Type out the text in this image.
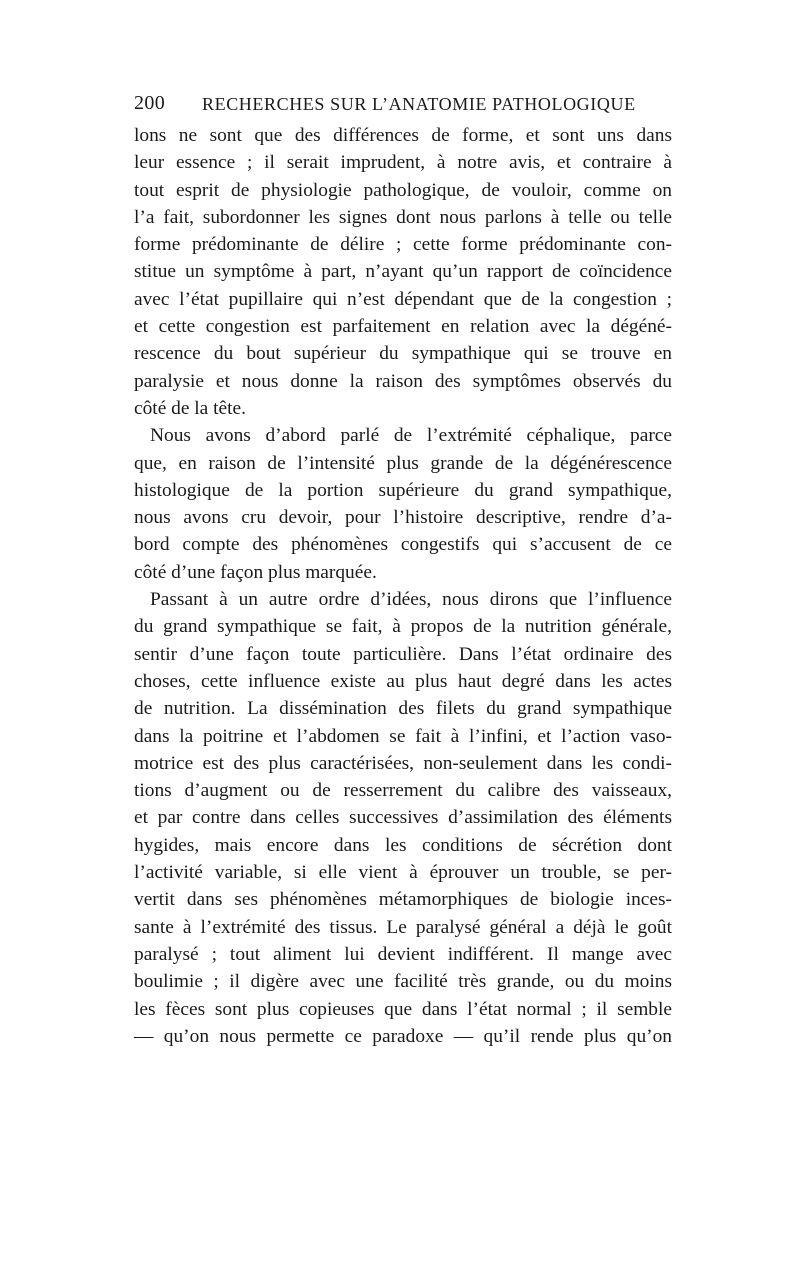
200 RECHERCHES SUR L’ANATOMIE PATHOLOGIQUE

lons ne sont que des différences de forme, et sont uns dans
leur essence ; il serait imprudent, à notre avis, et contraire à
tout esprit de physiologie pathologique, de vouloir, comme on
l’a fait, subordonner les signes dont nous parlons à telle ou telle
forme prédominante de délire ; cette forme prédominante con-
stitue un symptôme à part, n’ayant qu’un rapport de coïncidence
avec l’état pupillaire qui n’est dépendant que de la congestion ;
et cette congestion est parfaitement en relation avec la dégéné-
rescence du bout supérieur du sympathique qui se trouve en
paralysie et nous donne la raison des symptômes observés du
côté de la tête.

Nous avons d’abord parlé de l’extrémité céphalique, parce
que, en raison de l’intensité plus grande de la dégénérescence
histologique de la portion supérieure du grand sympathique,
nous avons cru devoir, pour l’histoire descriptive, rendre d’a-
bord compte des phénomènes congestifs qui s’accusent de ce
côté d’une façon plus marquée.

Passant à un autre ordre d’idées, nous dirons que l’influence
du grand sympathique se fait, à propos de la nutrition générale,
sentir d’une façon toute particulière. Dans l’état ordinaire des
choses, cette influence existe au plus haut degré dans les actes
de nutrition. La dissémination des filets du grand sympathique
dans la poitrine et l’abdomen se fait à l’infini, et l’action vaso-
motrice est des plus caractérisées, non-seulement dans les condi-
tions d’augment ou de resserrement du calibre des vaisseaux,
et par contre dans celles successives d’assimilation des éléments
hygides, mais encore dans les conditions de sécrétion dont
l’activité variable, si elle vient à éprouver un trouble, se per-
vertit dans ses phénomènes métamorphiques de biologie inces-
sante à l’extrémité des tissus. Le paralysé général a déjà le goût
paralysé ; tout aliment lui devient indifférent. Il mange avec
boulimie ; il digère avec une facilité très grande, ou du moins
les fèces sont plus copieuses que dans l’état normal ; il semble
— qu’on nous permette ce paradoxe — qu’il rende plus qu’on
